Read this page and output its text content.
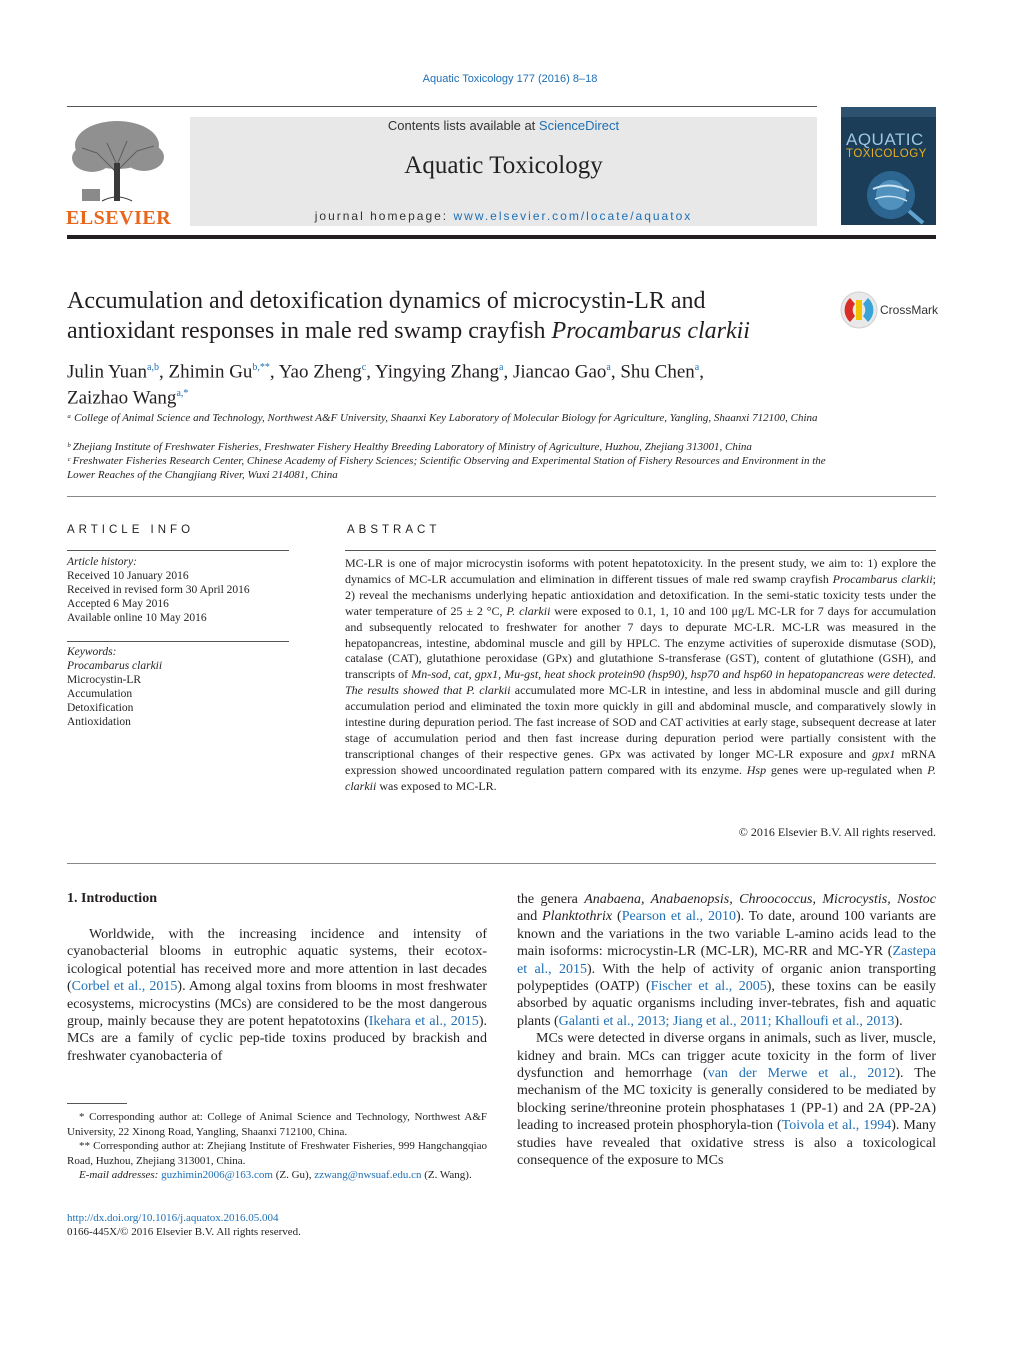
Aquatic Toxicology 177 (2016) 8–18
ELSEVIER
Contents lists available at ScienceDirect
Aquatic Toxicology
journal homepage: www.elsevier.com/locate/aquatox
AQUATIC
TOXICOLOGY
Accumulation and detoxification dynamics of microcystin-LR and
antioxidant responses in male red swamp crayfish Procambarus clarkii
CrossMark
Julin Yuan$^{a,b}$, Zhimin $Gu^{b,**}$, Yao Zheng$^c$, Yingying Zhang$^a$, Jiancao Gao$^a$, Shu Chen$^a$,
Zaizhao Wang$^{a,*}$
ᵃ College of Animal Science and Technology, Northwest A&F University, Shaanxi Key Laboratory of Molecular Biology for Agriculture, Yangling, Shaanxi 712100, China
ᵇ Zhejiang Institute of Freshwater Fisheries, Freshwater Fishery Healthy Breeding Laboratory of Ministry of Agriculture, Huzhou, Zhejiang 313001, China
ᶜ Freshwater Fisheries Research Center, Chinese Academy of Fishery Sciences; Scientific Observing and Experimental Station of Fishery Resources and Environment in the Lower Reaches of the Changjiang River, Wuxi 214081, China
ARTICLE INFO	ABSTRACT
Article history:
Received 10 January 2016
Received in revised form 30 April 2016
Accepted 6 May 2016
Available online 10 May 2016
Keywords:
Procambarus clarkii
Microcystin-LR
Accumulation
Detoxification
Antioxidation
MC-LR is one of major microcystin isoforms with potent hepatotoxicity. In the present study, we aim to: 1) explore the dynamics of MC-LR accumulation and elimination in different tissues of male red swamp crayfish Procambarus clarkii; 2) reveal the mechanisms underlying hepatic antioxidation and detoxification. In the semi-static toxicity tests under the water temperature of 25 ± 2 °C, P. clarkii were exposed to 0.1, 1, 10 and 100 μg/L MC-LR for 7 days for accumulation and subsequently relocated to freshwater for another 7 days to depurate MC-LR. MC-LR was measured in the hepatopancreas, intestine, abdominal muscle and gill by HPLC. The enzyme activities of superoxide dismutase (SOD), catalase (CAT), glutathione peroxidase (GPx) and glutathione S-transferase (GST), content of glutathione (GSH), and transcripts of Mn-sod, cat, gpx1, Mu-gst, heat shock protein90 (hsp90), hsp70 and hsp60 in hepatopancreas were detected. The results showed that P. clarkii accumulated more MC-LR in intestine, and less in abdominal muscle and gill during accumulation period and eliminated the toxin more quickly in gill and abdominal muscle, and comparatively slowly in intestine during depuration period. The fast increase of SOD and CAT activities at early stage, subsequent decrease at later stage of accumulation period and then fast increase during depuration period were partially consistent with the transcriptional changes of their respective genes. GPx was activated by longer MC-LR exposure and gpx1 mRNA expression showed uncoordinated regulation pattern compared with its enzyme. Hsp genes were up-regulated when P. clarkii was exposed to MC-LR.
© 2016 Elsevier B.V. All rights reserved.
1. Introduction
Worldwide, with the increasing incidence and intensity of cyanobacterial blooms in eutrophic aquatic systems, their ecotox-icological potential has received more and more attention in last decades (Corbel et al., 2015). Among algal toxins from blooms in most freshwater ecosystems, microcystins (MCs) are considered to be the most dangerous group, mainly because they are potent hepatotoxins (Ikehara et al., 2015). MCs are a family of cyclic pep-tide toxins produced by brackish and freshwater cyanobacteria of

the genera Anabaena, Anabaenopsis, Chroococcus, Microcystis, Nostoc and Planktothrix (Pearson et al., 2010). To date, around 100 variants are known and the variations in the two variable L-amino acids lead to the main isoforms: microcystin-LR (MC-LR), MC-RR and MC-YR (Zastepa et al., 2015). With the help of activity of organic anion transporting polypeptides (OATP) (Fischer et al., 2005), these toxins can be easily absorbed by aquatic organisms including inver-tebrates, fish and aquatic plants (Galanti et al., 2013; Jiang et al., 2011; Khalloufi et al., 2013).

MCs were detected in diverse organs in animals, such as liver, muscle, kidney and brain. MCs can trigger acute toxicity in the form of liver dysfunction and hemorrhage (van der Merwe et al., 2012). The mechanism of the MC toxicity is generally considered to be mediated by blocking serine/threonine protein phosphatases 1 (PP-1) and 2A (PP-2A) leading to increased protein phosphoryla-tion (Toivola et al., 1994). Many studies have revealed that oxidative stress is also a toxicological consequence of the exposure to MCs

* Corresponding author at: College of Animal Science and Technology, Northwest A&F University, 22 Xinong Road, Yangling, Shaanxi 712100, China.
** Corresponding author at: Zhejiang Institute of Freshwater Fisheries, 999 Hangchangqiao Road, Huzhou, Zhejiang 313001, China.
E-mail addresses: guzhimin2006@163.com (Z. Gu), zzwang@nwsuaf.edu.cn (Z. Wang).
http://dx.doi.org/10.1016/j.aquatox.2016.05.004
0166-445X/© 2016 Elsevier B.V. All rights reserved.
